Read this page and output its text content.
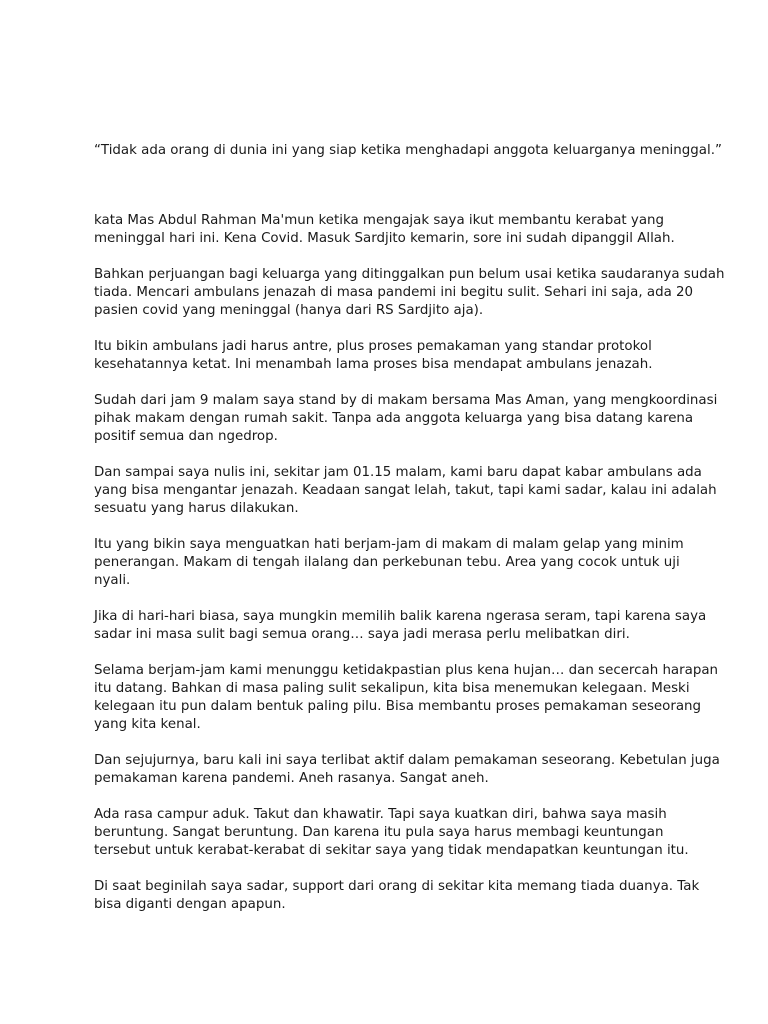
“Tidak ada orang di dunia ini yang siap ketika menghadapi anggota keluarganya meninggal.”

kata Mas Abdul Rahman Ma'mun ketika mengajak saya ikut membantu kerabat yang
meninggal hari ini. Kena Covid. Masuk Sardjito kemarin, sore ini sudah dipanggil Allah.

Bahkan perjuangan bagi keluarga yang ditinggalkan pun belum usai ketika saudaranya sudah
tiada. Mencari ambulans jenazah di masa pandemi ini begitu sulit. Sehari ini saja, ada 20
pasien covid yang meninggal (hanya dari RS Sardjito aja).

Itu bikin ambulans jadi harus antre, plus proses pemakaman yang standar protokol
kesehatannya ketat. Ini menambah lama proses bisa mendapat ambulans jenazah.

Sudah dari jam 9 malam saya stand by di makam bersama Mas Aman, yang mengkoordinasi
pihak makam dengan rumah sakit. Tanpa ada anggota keluarga yang bisa datang karena
positif semua dan ngedrop.

Dan sampai saya nulis ini, sekitar jam 01.15 malam, kami baru dapat kabar ambulans ada
yang bisa mengantar jenazah. Keadaan sangat lelah, takut, tapi kami sadar, kalau ini adalah
sesuatu yang harus dilakukan.

Itu yang bikin saya menguatkan hati berjam-jam di makam di malam gelap yang minim
penerangan. Makam di tengah ilalang dan perkebunan tebu. Area yang cocok untuk uji
nyali.

Jika di hari-hari biasa, saya mungkin memilih balik karena ngerasa seram, tapi karena saya
sadar ini masa sulit bagi semua orang… saya jadi merasa perlu melibatkan diri.

Selama berjam-jam kami menunggu ketidakpastian plus kena hujan… dan secercah harapan
itu datang. Bahkan di masa paling sulit sekalipun, kita bisa menemukan kelegaan. Meski
kelegaan itu pun dalam bentuk paling pilu. Bisa membantu proses pemakaman seseorang
yang kita kenal.

Dan sejujurnya, baru kali ini saya terlibat aktif dalam pemakaman seseorang. Kebetulan juga
pemakaman karena pandemi. Aneh rasanya. Sangat aneh.

Ada rasa campur aduk. Takut dan khawatir. Tapi saya kuatkan diri, bahwa saya masih
beruntung. Sangat beruntung. Dan karena itu pula saya harus membagi keuntungan
tersebut untuk kerabat-kerabat di sekitar saya yang tidak mendapatkan keuntungan itu.

Di saat beginilah saya sadar, support dari orang di sekitar kita memang tiada duanya. Tak
bisa diganti dengan apapun.
